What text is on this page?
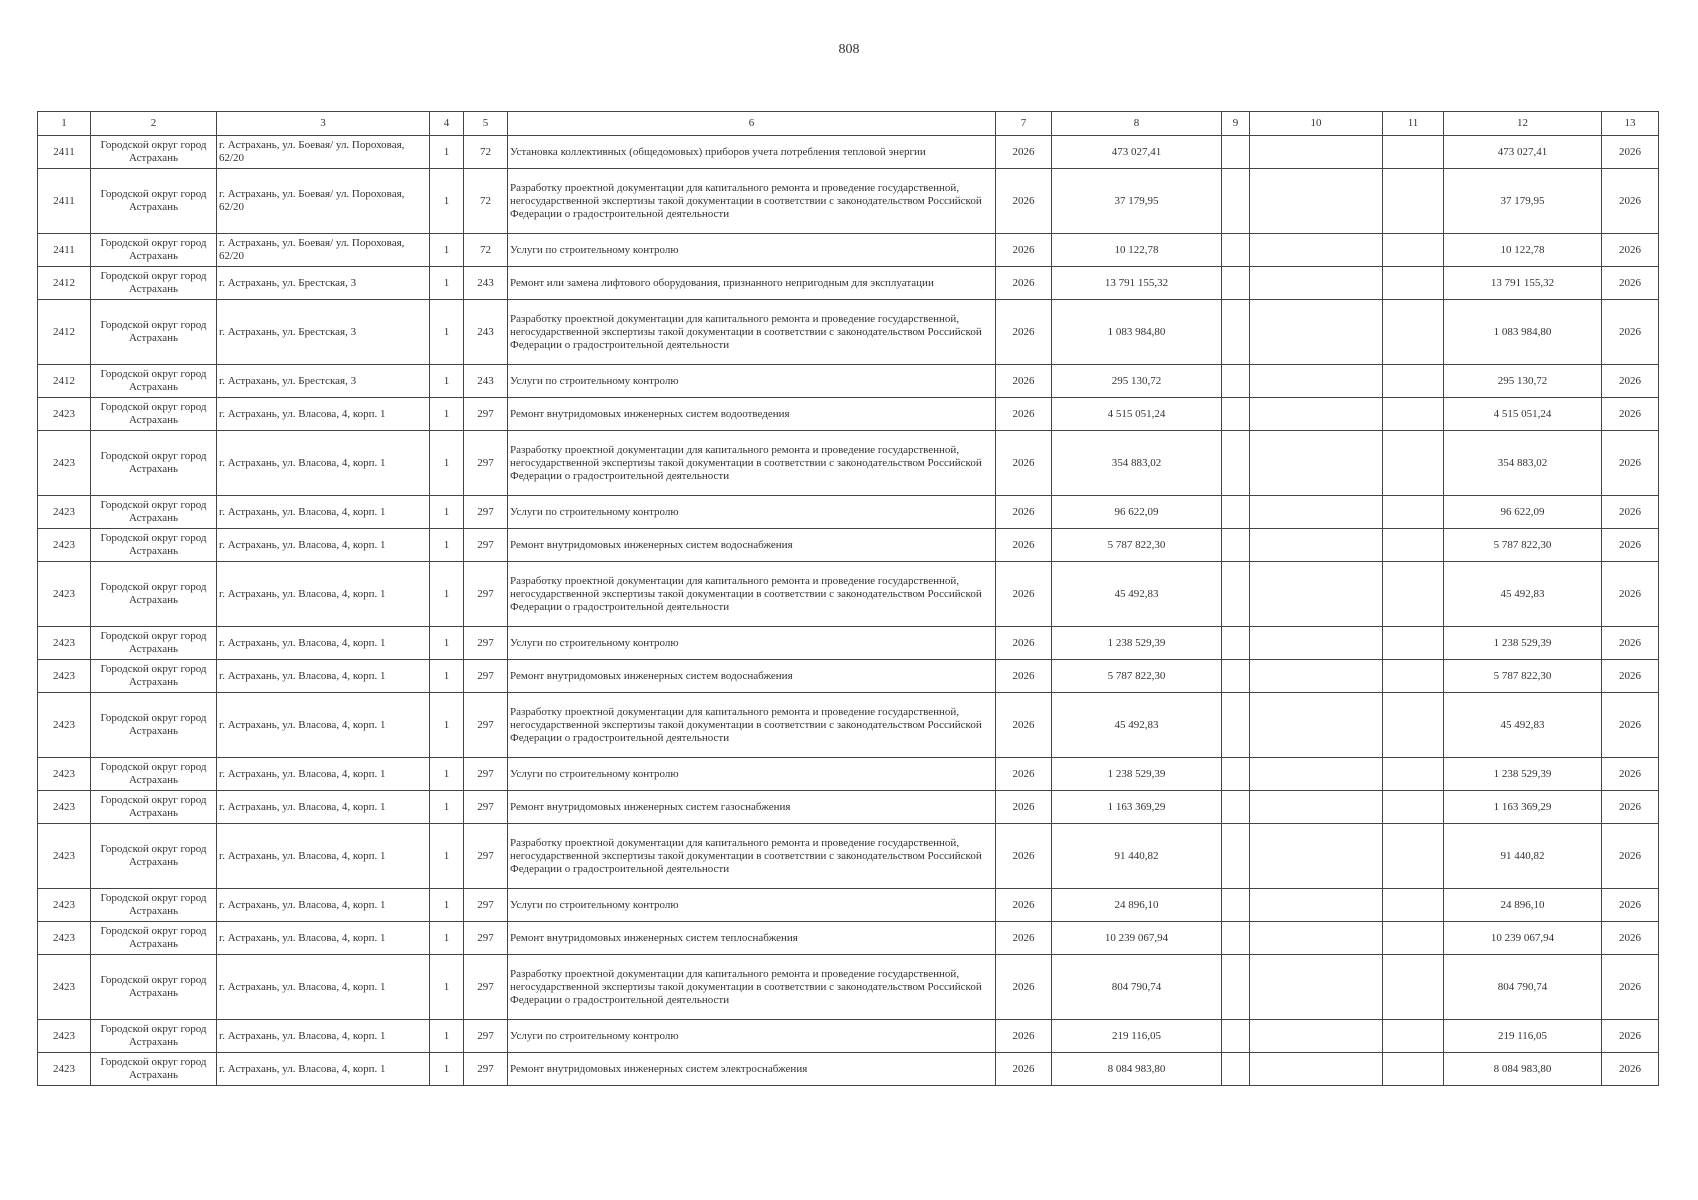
808
1	2	3	4	5	6	7	8	9	10	11	12	13
2411	Городской округ город Астрахань	г. Астрахань, ул. Боевая/ ул. Пороховая, 62/20	1	72	Установка коллективных (общедомовых) приборов учета потребления тепловой энергии	2026	473 027,41				473 027,41	2026
2411	Городской округ город Астрахань	г. Астрахань, ул. Боевая/ ул. Пороховая, 62/20	1	72	Разработку проектной документации для капитального ремонта и проведение государственной, негосударственной экспертизы такой документации в соответствии с законодательством Российской Федерации о градостроительной деятельности	2026	37 179,95				37 179,95	2026
2411	Городской округ город Астрахань	г. Астрахань, ул. Боевая/ ул. Пороховая, 62/20	1	72	Услуги по строительному контролю	2026	10 122,78				10 122,78	2026
2412	Городской округ город Астрахань	г. Астрахань, ул. Брестская, 3	1	243	Ремонт или замена лифтового оборудования, признанного непригодным для эксплуатации	2026	13 791 155,32				13 791 155,32	2026
2412	Городской округ город Астрахань	г. Астрахань, ул. Брестская, 3	1	243	Разработку проектной документации для капитального ремонта и проведение государственной, негосударственной экспертизы такой документации в соответствии с законодательством Российской Федерации о градостроительной деятельности	2026	1 083 984,80				1 083 984,80	2026
2412	Городской округ город Астрахань	г. Астрахань, ул. Брестская, 3	1	243	Услуги по строительному контролю	2026	295 130,72				295 130,72	2026
2423	Городской округ город Астрахань	г. Астрахань, ул. Власова, 4, корп. 1	1	297	Ремонт внутридомовых инженерных систем водоотведения	2026	4 515 051,24				4 515 051,24	2026
2423	Городской округ город Астрахань	г. Астрахань, ул. Власова, 4, корп. 1	1	297	Разработку проектной документации для капитального ремонта и проведение государственной, негосударственной экспертизы такой документации в соответствии с законодательством Российской Федерации о градостроительной деятельности	2026	354 883,02				354 883,02	2026
2423	Городской округ город Астрахань	г. Астрахань, ул. Власова, 4, корп. 1	1	297	Услуги по строительному контролю	2026	96 622,09				96 622,09	2026
2423	Городской округ город Астрахань	г. Астрахань, ул. Власова, 4, корп. 1	1	297	Ремонт внутридомовых инженерных систем водоснабжения	2026	5 787 822,30				5 787 822,30	2026
2423	Городской округ город Астрахань	г. Астрахань, ул. Власова, 4, корп. 1	1	297	Разработку проектной документации для капитального ремонта и проведение государственной, негосударственной экспертизы такой документации в соответствии с законодательством Российской Федерации о градостроительной деятельности	2026	45 492,83				45 492,83	2026
2423	Городской округ город Астрахань	г. Астрахань, ул. Власова, 4, корп. 1	1	297	Услуги по строительному контролю	2026	1 238 529,39				1 238 529,39	2026
2423	Городской округ город Астрахань	г. Астрахань, ул. Власова, 4, корп. 1	1	297	Ремонт внутридомовых инженерных систем водоснабжения	2026	5 787 822,30				5 787 822,30	2026
2423	Городской округ город Астрахань	г. Астрахань, ул. Власова, 4, корп. 1	1	297	Разработку проектной документации для капитального ремонта и проведение государственной, негосударственной экспертизы такой документации в соответствии с законодательством Российской Федерации о градостроительной деятельности	2026	45 492,83				45 492,83	2026
2423	Городской округ город Астрахань	г. Астрахань, ул. Власова, 4, корп. 1	1	297	Услуги по строительному контролю	2026	1 238 529,39				1 238 529,39	2026
2423	Городской округ город Астрахань	г. Астрахань, ул. Власова, 4, корп. 1	1	297	Ремонт внутридомовых инженерных систем газоснабжения	2026	1 163 369,29				1 163 369,29	2026
2423	Городской округ город Астрахань	г. Астрахань, ул. Власова, 4, корп. 1	1	297	Разработку проектной документации для капитального ремонта и проведение государственной, негосударственной экспертизы такой документации в соответствии с законодательством Российской Федерации о градостроительной деятельности	2026	91 440,82				91 440,82	2026
2423	Городской округ город Астрахань	г. Астрахань, ул. Власова, 4, корп. 1	1	297	Услуги по строительному контролю	2026	24 896,10				24 896,10	2026
2423	Городской округ город Астрахань	г. Астрахань, ул. Власова, 4, корп. 1	1	297	Ремонт внутридомовых инженерных систем теплоснабжения	2026	10 239 067,94				10 239 067,94	2026
2423	Городской округ город Астрахань	г. Астрахань, ул. Власова, 4, корп. 1	1	297	Разработку проектной документации для капитального ремонта и проведение государственной, негосударственной экспертизы такой документации в соответствии с законодательством Российской Федерации о градостроительной деятельности	2026	804 790,74				804 790,74	2026
2423	Городской округ город Астрахань	г. Астрахань, ул. Власова, 4, корп. 1	1	297	Услуги по строительному контролю	2026	219 116,05				219 116,05	2026
2423	Городской округ город Астрахань	г. Астрахань, ул. Власова, 4, корп. 1	1	297	Ремонт внутридомовых инженерных систем электроснабжения	2026	8 084 983,80				8 084 983,80	2026
